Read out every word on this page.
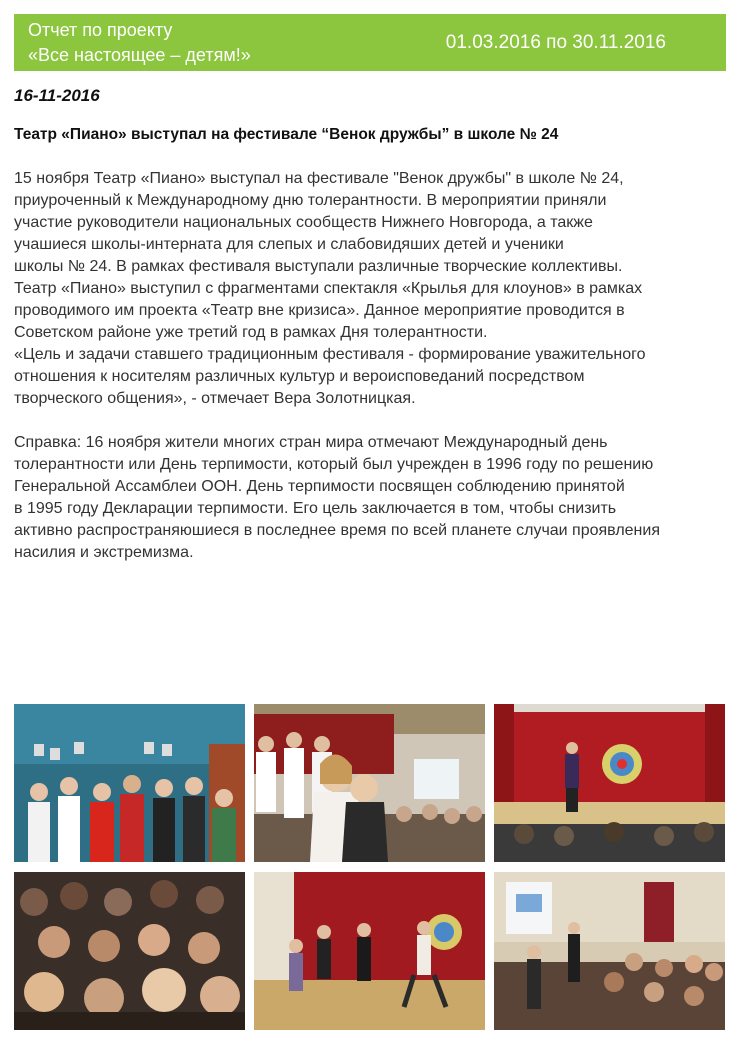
Отчет по проекту
«Все настоящее – детям!»
01.03.2016 по 30.11.2016
16-11-2016
Театр «Пиано» выступал на фестивале “Венок дружбы” в школе № 24
15 ноября Театр «Пиано» выступал на фестивале "Венок дружбы" в школе № 24,
приуроченный к Международному дню толерантности. В мероприятии приняли
участие руководители национальных сообществ Нижнего Новгорода, а также
учашиеся школы-интерната для слепых и слабовидяших детей и ученики
школы № 24. В рамках фестиваля выступали различные творческие коллективы.
Театр «Пиано» выступил с фрагментами спектакля «Крылья для клоунов» в рамках
проводимого им проекта «Театр вне кризиса». Данное мероприятие проводится в
Советском районе уже третий год в рамках Дня толерантности.
«Цель и задачи ставшего традиционным фестиваля - формирование уважительного
отношения к носителям различных культур и вероисповеданий посредством
творческого общения», - отмечает Вера Золотницкая.
Справка: 16 ноября жители многих стран мира отмечают Международный день
толерантности или День терпимости, который был учрежден в 1996 году по решению
Генеральной Ассамблеи ООН. День терпимости посвящен соблюдению принятой
в 1995 году Декларации терпимости. Его цель заключается в том, чтобы снизить
активно распространяюшиеся в последнее время по всей планете случаи проявления
насилия и экстремизма.
